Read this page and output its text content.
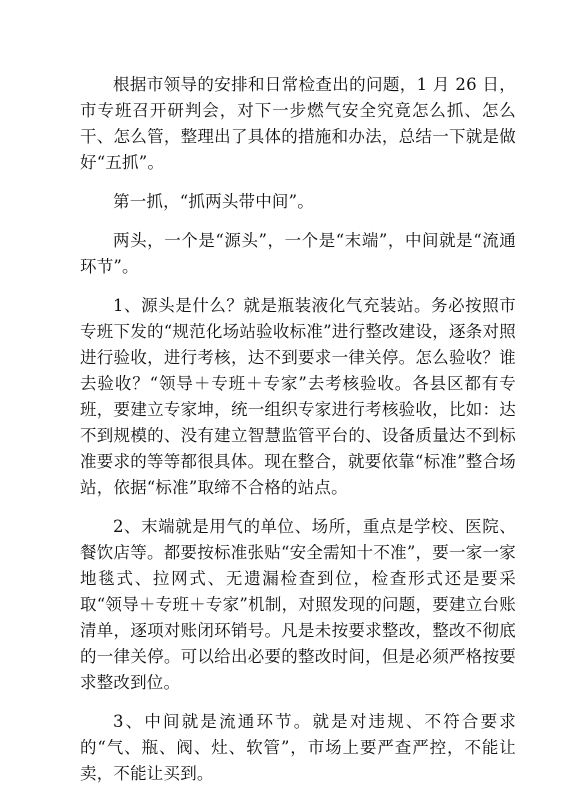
根据市领导的安排和日常检查出的问题，1 月 26 日，市专班召开研判会，对下一步燃气安全究竟怎么抓、怎么干、怎么管，整理出了具体的措施和办法，总结一下就是做好“五抓”。

第一抓，“抓两头带中间”。

两头，一个是“源头”，一个是“末端”，中间就是“流通环节”。

1、源头是什么？就是瓶装液化气充装站。务必按照市专班下发的“规范化场站验收标准”进行整改建设，逐条对照进行验收，进行考核，达不到要求一律关停。怎么验收？谁去验收？“领导＋专班＋专家”去考核验收。各县区都有专班，要建立专家坤，统一组织专家进行考核验收，比如：达不到规模的、没有建立智慧监管平台的、设备质量达不到标准要求的等等都很具体。现在整合，就要依靠“标准”整合场站，依据“标准”取缔不合格的站点。

2、末端就是用气的单位、场所，重点是学校、医院、餐饮店等。都要按标准张贴“安全需知十不准”，要一家一家地毯式、拉网式、无遗漏检查到位，检查形式还是要采取“领导＋专班＋专家”机制，对照发现的问题，要建立台账清单，逐项对账闭环销号。凡是未按要求整改，整改不彻底的一律关停。可以给出必要的整改时间，但是必须严格按要求整改到位。

3、中间就是流通环节。就是对违规、不符合要求的“气、瓶、阀、灶、软管”，市场上要严查严控，不能让卖，不能让买到。
